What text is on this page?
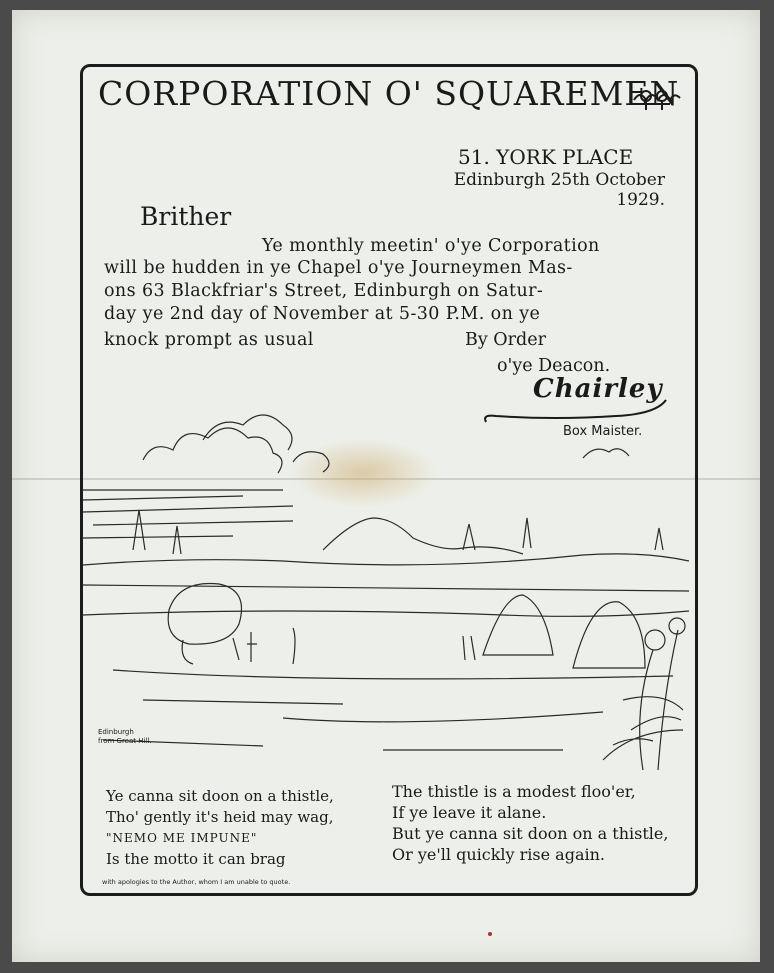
CORPORATION O' SQUAREMEN
51. YORK PLACE
Edinburgh 25th October
1929.
Brither
Ye monthly meetin' o'ye Corporation
will be hudden in ye Chapel o'ye Journeymen Mas-
ons 63 Blackfriar's Street, Edinburgh on Satur-
day ye 2nd day of November at 5-30 P.M. on ye
knock prompt as usual	By Order
o'ye Deacon.
Chairley
Box Maister.
Edinburgh
from Great Hill.
Ye canna sit doon on a thistle,
Tho' gently it's heid may wag,
"NEMO ME IMPUNE"
Is the motto it can brag
The thistle is a modest floo'er,
If ye leave it alane.
But ye canna sit doon on a thistle,
Or ye'll quickly rise again.
with apologies to the Author, whom I am unable to quote.
